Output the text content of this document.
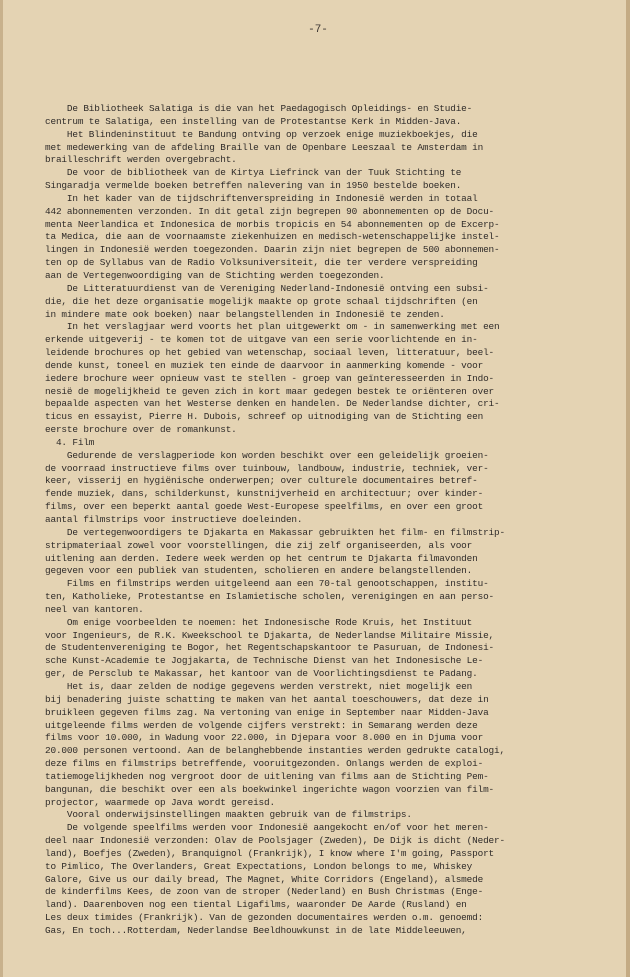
-7-
De Bibliotheek Salatiga is die van het Paedagogisch Opleidings- en Studie-
centrum te Salatiga, een instelling van de Protestantse Kerk in Midden-Java.
Het Blindeninstituut te Bandung ontving op verzoek enige muziekboekjes, die
met medewerking van de afdeling Braille van de Openbare Leeszaal te Amsterdam in
brailleschrift werden overgebracht.
De voor de bibliotheek van de Kirtya Liefrinck van der Tuuk Stichting te
Singaradja vermelde boeken betreffen nalevering van in 1950 bestelde boeken.
In het kader van de tijdschriftenverspreiding in Indonesië werden in totaal
442 abonnementen verzonden. In dit getal zijn begrepen 90 abonnementen op de Docu-
menta Neerlandica et Indonesica de morbis tropicis en 54 abonnementen op de Excerp-
ta Medica, die aan de voornaamste ziekenhuizen en medisch-wetenschappelijke instel-
lingen in Indonesië werden toegezonden. Daarin zijn niet begrepen de 500 abonnemen-
ten op de Syllabus van de Radio Volksuniversiteit, die ter verdere verspreiding
aan de Vertegenwoordiging van de Stichting werden toegezonden.
De Litteratuurdienst van de Vereniging Nederland-Indonesië ontving een subsi-
die, die het deze organisatie mogelijk maakte op grote schaal tijdschriften (en
in mindere mate ook boeken) naar belangstellenden in Indonesië te zenden.
In het verslagjaar werd voorts het plan uitgewerkt om - in samenwerking met een
erkende uitgeverij - te komen tot de uitgave van een serie voorlichtende en in-
leidende brochures op het gebied van wetenschap, sociaal leven, litteratuur, beel-
dende kunst, toneel en muziek ten einde de daarvoor in aanmerking komende - voor
iedere brochure weer opnieuw vast te stellen - groep van geïnteresseerden in Indo-
nesië de mogelijkheid te geven zich in kort maar gedegen bestek te oriënteren over
bepaalde aspecten van het Westerse denken en handelen. De Nederlandse dichter, cri-
ticus en essayist, Pierre H. Dubois, schreef op uitnodiging van de Stichting een
eerste brochure over de romankunst.
4. Film
Gedurende de verslagperiode kon worden beschikt over een geleidelijk groeien-
de voorraad instructieve films over tuinbouw, landbouw, industrie, techniek, ver-
keer, visserij en hygiënische onderwerpen; over culturele documentaires betref-
fende muziek, dans, schilderkunst, kunstnijverheid en architectuur; over kinder-
films, over een beperkt aantal goede West-Europese speelfilms, en over een groot
aantal filmstrips voor instructieve doeleinden.
De vertegenwoordigers te Djakarta en Makassar gebruikten het film- en filmstrip-
stripmateriaal zowel voor voorstellingen, die zij zelf organiseerden, als voor
uitlening aan derden. Iedere week werden op het centrum te Djakarta filmavonden
gegeven voor een publiek van studenten, scholieren en andere belangstellenden.
Films en filmstrips werden uitgeleend aan een 70-tal genootschappen, institu-
ten, Katholieke, Protestantse en Islamietische scholen, verenigingen en aan perso-
neel van kantoren.
Om enige voorbeelden te noemen: het Indonesische Rode Kruis, het Instituut
voor Ingenieurs, de R.K. Kweekschool te Djakarta, de Nederlandse Militaire Missie,
de Studentenvereniging te Bogor, het Regentschapskantoor te Pasuruan, de Indonesi-
sche Kunst-Academie te Jogjakarta, de Technische Dienst van het Indonesische Le-
ger, de Persclub te Makassar, het kantoor van de Voorlichtingsdienst te Padang.
Het is, daar zelden de nodige gegevens werden verstrekt, niet mogelijk een
bij benadering juiste schatting te maken van het aantal toeschouwers, dat deze in
bruikleen gegeven films zag. Na vertoning van enige in September naar Midden-Java
uitgeleende films werden de volgende cijfers verstrekt: in Semarang werden deze
films voor 10.000, in Wadung voor 22.000, in Djepara voor 8.000 en in Djuma voor
20.000 personen vertoond. Aan de belanghebbende instanties werden gedrukte catalogi,
deze films en filmstrips betreffende, vooruitgezonden. Onlangs werden de exploi-
tatiemogelijkheden nog vergroot door de uitlening van films aan de Stichting Pem-
bangunan, die beschikt over een als boekwinkel ingerichte wagon voorzien van film-
projector, waarmede op Java wordt gereisd.
Vooral onderwijsinstellingen maakten gebruik van de filmstrips.
De volgende speelfilms werden voor Indonesië aangekocht en/of voor het meren-
deel naar Indonesië verzonden: Olav de Poolsjager (Zweden), De Dijk is dicht (Neder-
land), Boefjes (Zweden), Branquignol (Frankrijk), I know where I'm going, Passport
to Pimlico, The Overlanders, Great Expectations, London belongs to me, Whiskey
Galore, Give us our daily bread, The Magnet, White Corridors (Engeland), alsmede
de kinderfilms Kees, de zoon van de stroper (Nederland) en Bush Christmas (Enge-
land). Daarenboven nog een tiental Ligafilms, waaronder De Aarde (Rusland) en
Les deux timides (Frankrijk). Van de gezonden documentaires werden o.m. genoemd:
Gas, En toch...Rotterdam, Nederlandse Beeldhouwkunst in de late Middeleeuwen,
